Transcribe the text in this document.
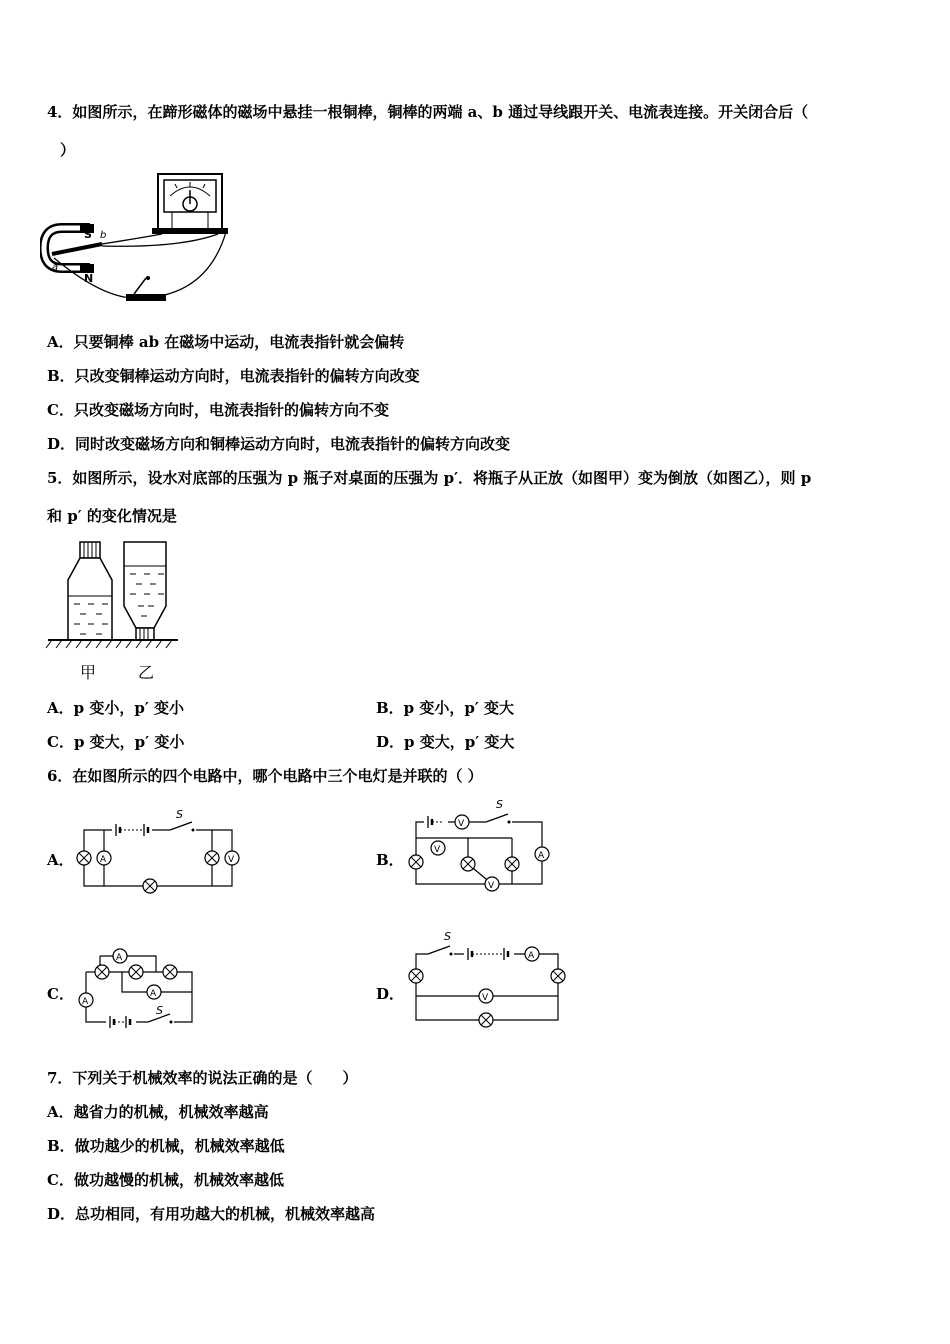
4．如图所示，在蹄形磁体的磁场中悬挂一根铜棒，铜棒的两端 a、b 通过导线跟开关、电流表连接。开关闭合后（
）
S b
N
a
A．只要铜棒 ab 在磁场中运动，电流表指针就会偏转
B．只改变铜棒运动方向时，电流表指针的偏转方向改变
C．只改变磁场方向时，电流表指针的偏转方向不变
D．同时改变磁场方向和铜棒运动方向时，电流表指针的偏转方向改变
5．如图所示，设水对底部的压强为 p 瓶子对桌面的压强为 p′．将瓶子从正放（如图甲）变为倒放（如图乙），则 p
和 p′ 的变化情况是
甲	乙
A．p 变小，p′ 变小	B．p 变小，p′ 变大
C．p 变大，p′ 变小	D．p 变大，p′ 变大
6．在如图所示的四个电路中，哪个电路中三个电灯是并联的（ ）
A．
S
A	V	B．
S
V
V
V
A
C．
A
A
A
S
D．
S
A
V
7．下列关于机械效率的说法正确的是（　　）
A．越省力的机械，机械效率越高
B．做功越少的机械，机械效率越低
C．做功越慢的机械，机械效率越低
D．总功相同，有用功越大的机械，机械效率越高
